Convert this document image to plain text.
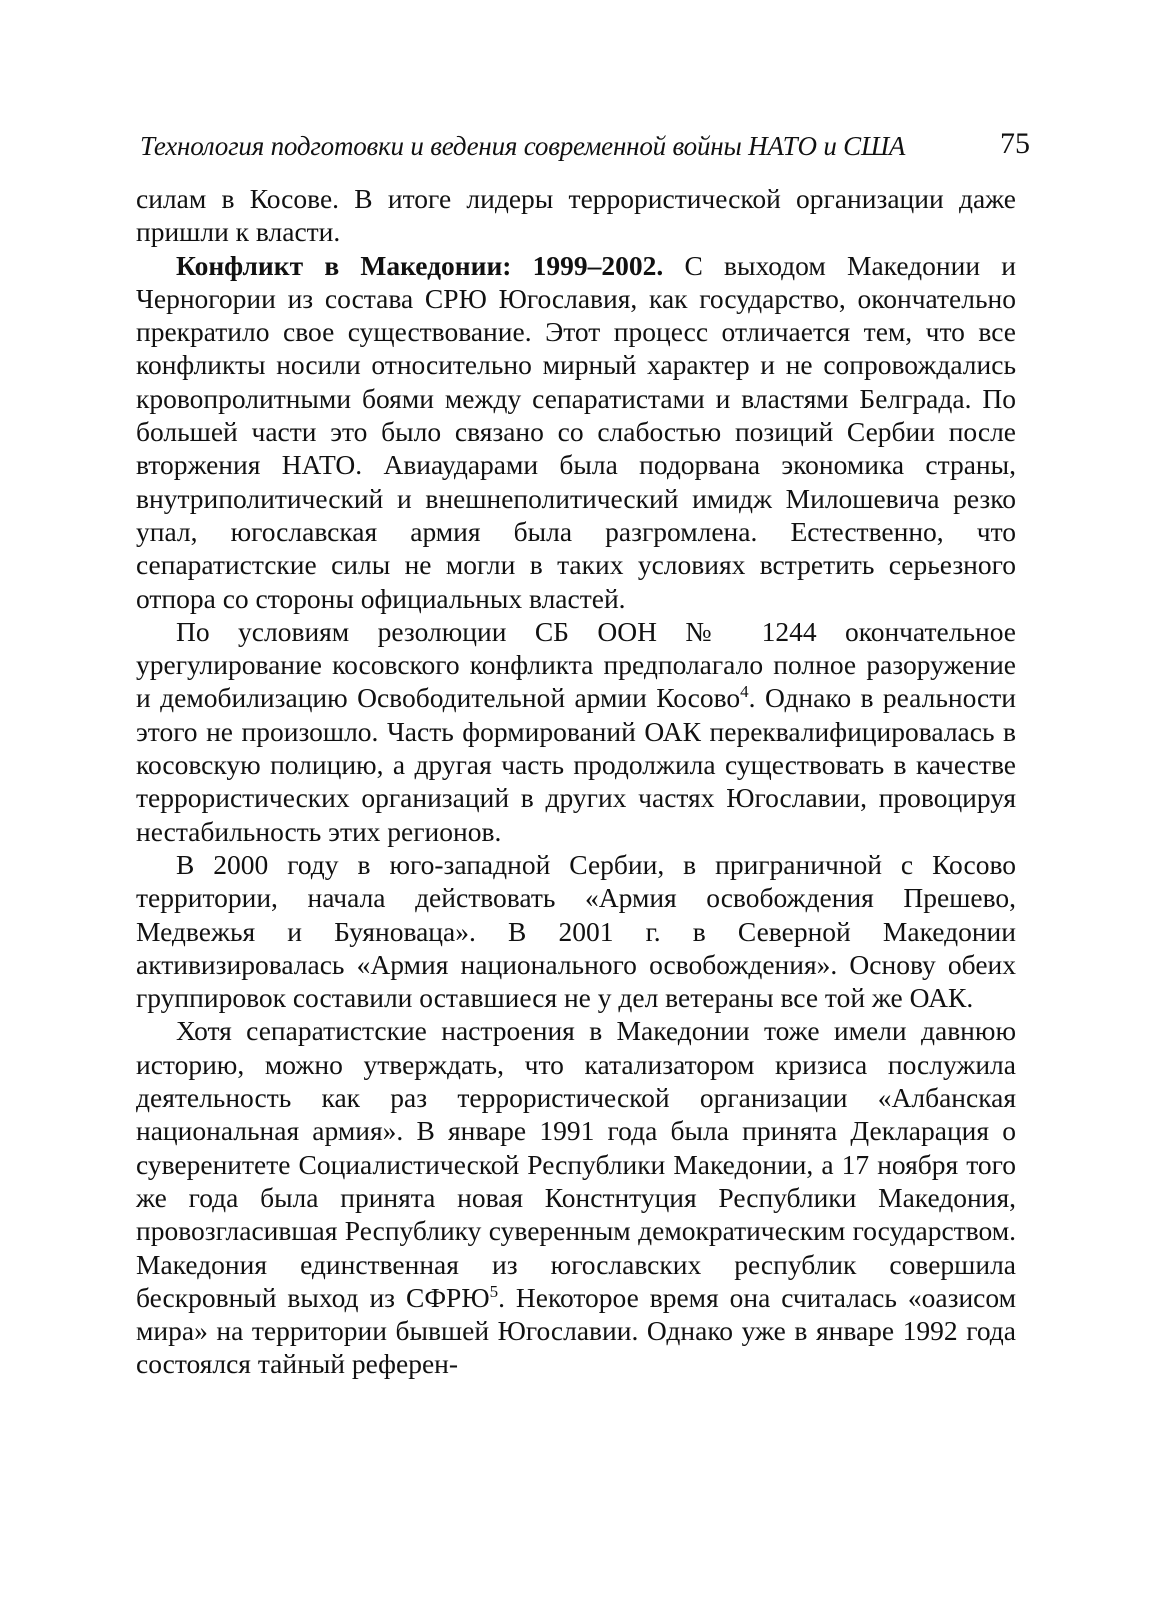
Технология подготовки и ведения современной войны НАТО и США	75

силам в Косове. В итоге лидеры террористической организации даже пришли к власти.

Конфликт в Македонии: 1999–2002. С выходом Македонии и Черногории из состава СРЮ Югославия, как государство, окончательно прекратило свое существование. Этот процесс отличается тем, что все конфликты носили относительно мирный характер и не сопровождались кровопролитными боями между сепаратистами и властями Белграда. По большей части это было связано со слабостью позиций Сербии после вторжения НАТО. Авиаударами была подорвана экономика страны, внутриполитический и внешнеполитический имидж Милошевича резко упал, югославская армия была разгромлена. Естественно, что сепаратистские силы не могли в таких условиях встретить серьезного отпора со стороны официальных властей.

По условиям резолюции СБ ООН № 1244 окончательное урегулирование косовского конфликта предполагало полное разоружение и демобилизацию Освободительной армии Косово$^4$. Однако в реальности этого не произошло. Часть формирований ОАК переквалифицировалась в косовскую полицию, а другая часть продолжила существовать в качестве террористических организаций в других частях Югославии, провоцируя нестабильность этих регионов.

В 2000 году в юго-западной Сербии, в приграничной с Косово территории, начала действовать «Армия освобождения Прешево, Медвежья и Буяноваца». В 2001 г. в Северной Македонии активизировалась «Армия национального освобождения». Основу обеих группировок составили оставшиеся не у дел ветераны все той же ОАК.

Хотя сепаратистские настроения в Македонии тоже имели давнюю историю, можно утверждать, что катализатором кризиса послужила деятельность как раз террористической организации «Албанская национальная армия». В январе 1991 года была принята Декларация о суверенитете Социалистической Республики Македонии, а 17 ноября того же года была принята новая Констнтуция Республики Македония, провозгласившая Республику суверенным демократическим государством. Македония единственная из югославских республик совершила бескровный выход из СФРЮ$^5$. Некоторое время она считалась «оазисом мира» на территории бывшей Югославии. Однако уже в январе 1992 года состоялся тайный референ-
